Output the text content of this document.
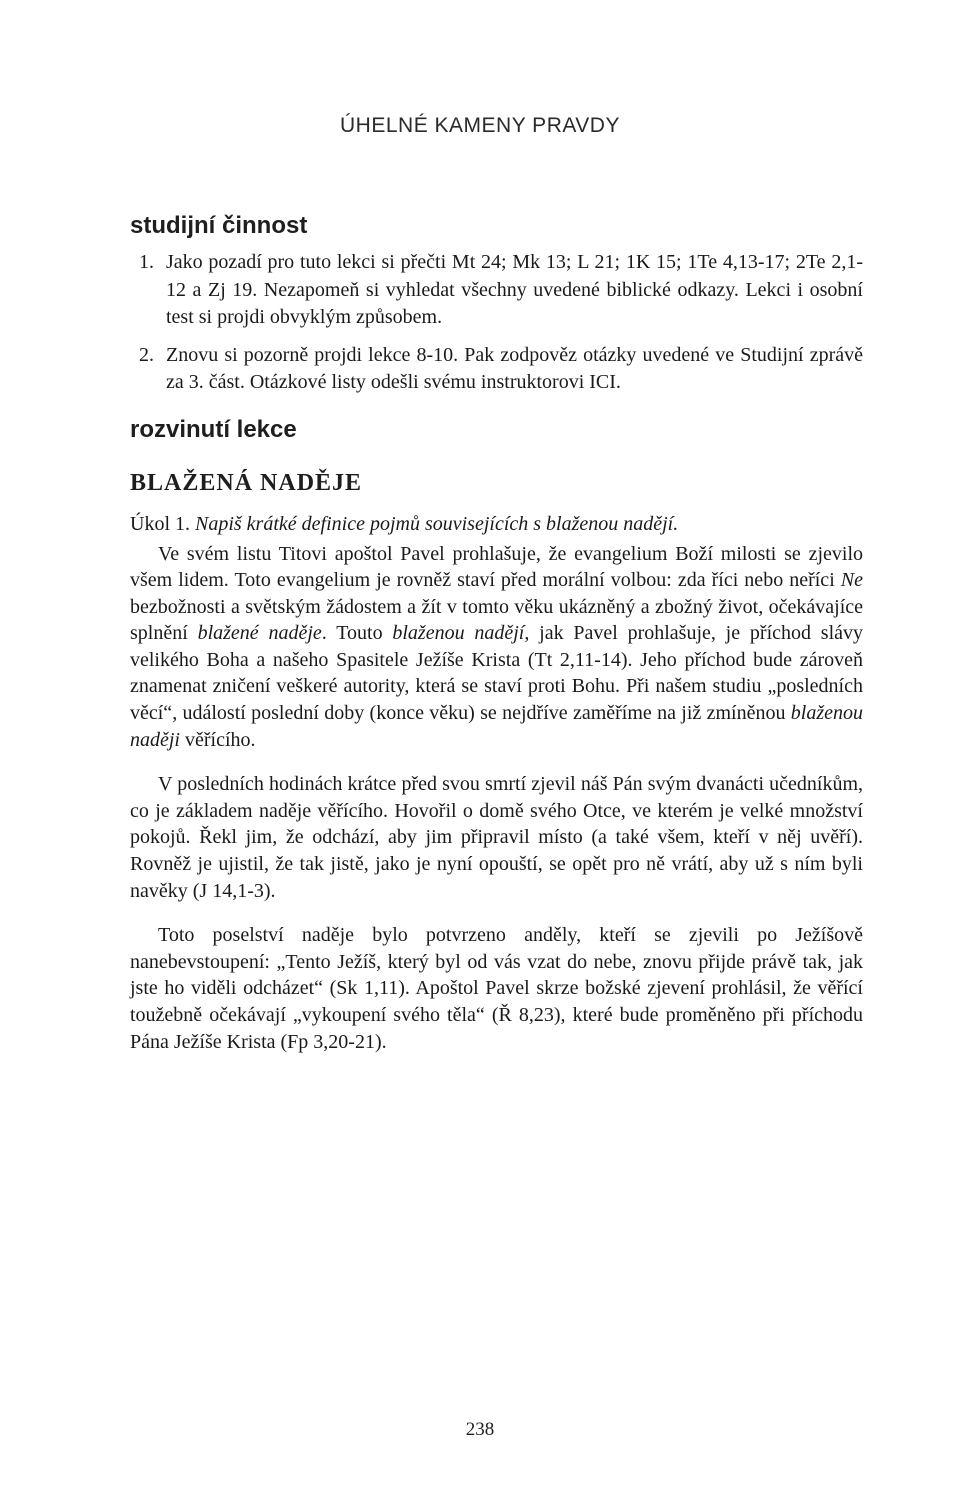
ÚHELNÉ KAMENY PRAVDY
studijní činnost

1. Jako pozadí pro tuto lekci si přečti Mt 24; Mk 13; L 21; 1K 15; 1Te 4,13-17; 2Te 2,1-12 a Zj 19. Nezapomeň si vyhledat všechny uvedené biblické odkazy. Lekci i osobní test si projdi obvyklým způsobem.

2. Znovu si pozorně projdi lekce 8-10. Pak zodpověz otázky uvedené ve Studijní zprávě za 3. část. Otázkové listy odešli svému instruktorovi ICI.

rozvinutí lekce
BLAŽENÁ NADĚJE

Úkol 1. Napiš krátké definice pojmů souvisejících s blaženou nadějí.

Ve svém listu Titovi apoštol Pavel prohlašuje, že evangelium Boží milosti se zjevilo všem lidem. Toto evangelium je rovněž staví před morální volbou: zda říci nebo neříci Ne bezbožnosti a světským žádostem a žít v tomto věku ukázněný a zbožný život, očekávajíce splnění blažené naděje. Touto blaženou nadějí, jak Pavel prohlašuje, je příchod slávy velikého Boha a našeho Spasitele Ježíše Krista (Tt 2,11-14). Jeho příchod bude zároveň znamenat zničení veškeré autority, která se staví proti Bohu. Při našem studiu „posledních věcí“, událostí poslední doby (konce věku) se nejdříve zaměříme na již zmíněnou blaženou naději věřícího.

V posledních hodinách krátce před svou smrtí zjevil náš Pán svým dvanácti učedníkům, co je základem naděje věřícího. Hovořil o domě svého Otce, ve kterém je velké množství pokojů. Řekl jim, že odchází, aby jim připravil místo (a také všem, kteří v něj uvěří). Rovněž je ujistil, že tak jistě, jako je nyní opouští, se opět pro ně vrátí, aby už s ním byli navěky (J 14,1-3).

Toto poselství naděje bylo potvrzeno anděly, kteří se zjevili po Ježíšově nanebevstoupení: „Tento Ježíš, který byl od vás vzat do nebe, znovu přijde právě tak, jak jste ho viděli odcházet“ (Sk 1,11). Apoštol Pavel skrze božské zjevení prohlásil, že věřící toužebně očekávají „vykoupení svého těla“ (Ř 8,23), které bude proměněno při příchodu Pána Ježíše Krista (Fp 3,20-21).

238
